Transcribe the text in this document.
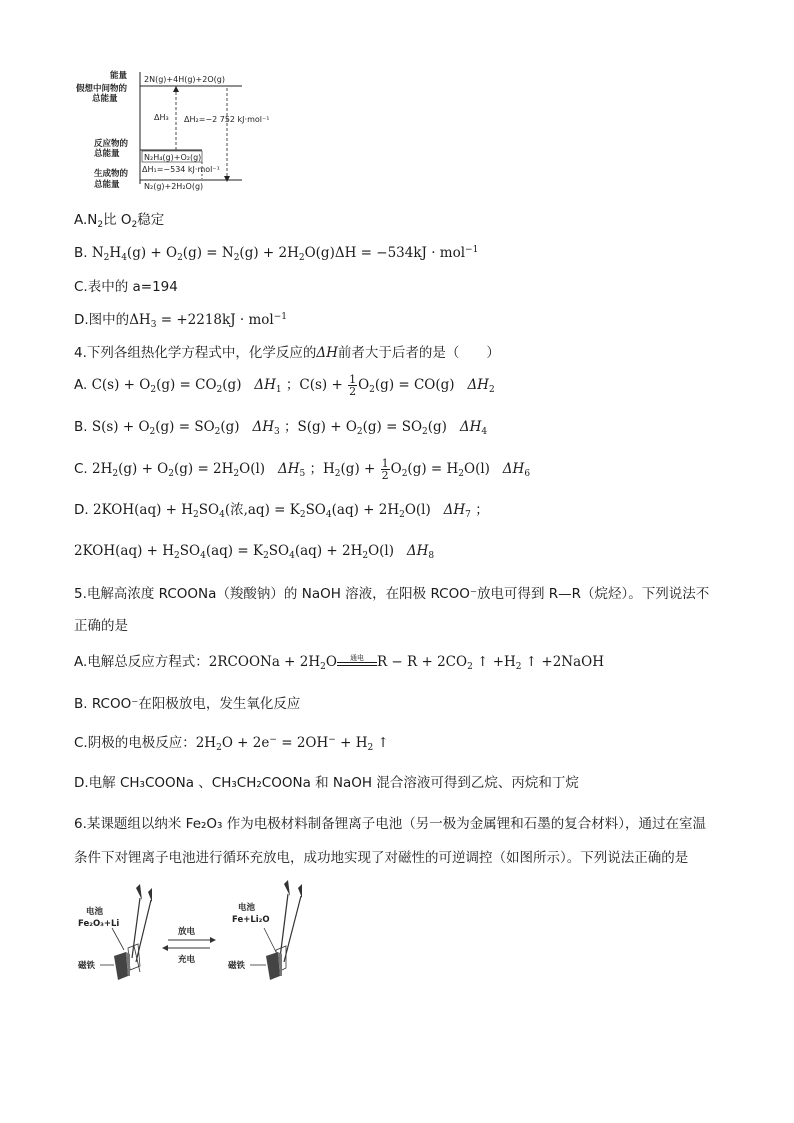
能量
假想中间物的
总能量
2N(g)+4H(g)+2O(g)
ΔH₃ ΔH₂=−2 752 kJ·mol⁻¹
反应物的
总能量	N₂H₄(g)+O₂(g)
ΔH₁=−534 kJ·mol⁻¹
生成物的
总能量	N₂(g)+2H₂O(g)
$A.N_2$比 $O_2$稳定
B. $N_2H_4(g) + O_2(g) = N_2(g) + 2H_2O(g)\Delta H = -534kJ \cdot mol^{-1}$
C.表中的 a=194
D.图中的$\Delta H_3 = +2218kJ \cdot mol^{-1}$
4.下列各组热化学方程式中，化学反应的ΔH前者大于后者的是（　　）
A. $C(s) + O_2(g) = CO_2(g)$   $\Delta H_1$ ；$C(s) + \frac{1}{2} O_2(g) = CO(g)$   $\Delta H_2$
B. $S(s) + O_2(g) = SO_2(g)$   $\Delta H_3$ ；$S(g) + O_2(g) = SO_2(g)$   $\Delta H_4$
C. $2H_2(g) + O_2(g) = 2H_2O(l)$   $\Delta H_5$ ；$H_2(g) + \frac{1}{2} O_2(g) = H_2O(l)$   $\Delta H_6$
D. $2KOH(aq) + H_2SO_4$(浓$,aq) = K_2SO_4(aq) + 2H_2O(l)$   $\Delta H_7$ ；
$2KOH(aq) + H_2SO_4(aq) = K_2SO_4(aq) + 2H_2O(l)$   $\Delta H_8$
5.电解高浓度 RCOONa（羧酸钠）的 NaOH 溶液，在阳极 RCOO⁻放电可得到 R—R（烷烃）。下列说法不
正确的是
A.电解总反应方程式：2RCOONa + $2H_2O$	通电 $R - R + 2CO_2$ ↑ $+H_2$ ↑ +2NaOH
B. RCOO⁻在阳极放电，发生氧化反应
C.阴极的电极反应：$2H_2O + 2e^- = 2OH^- + H_2$ ↑
D.电解 CH₃COONa 、CH₃CH₂COONa 和 NaOH 混合溶液可得到乙烷、丙烷和丁烷
6.某课题组以纳米 Fe₂O₃ 作为电极材料制备锂离子电池（另一极为金属锂和石墨的复合材料），通过在室温
条件下对锂离子电池进行循环充放电，成功地实现了对磁性的可逆调控（如图所示）。下列说法正确的是
电池
Fe₂O₃+Li
磁铁
放电
充电
电池
Fe+Li₂O
磁铁
